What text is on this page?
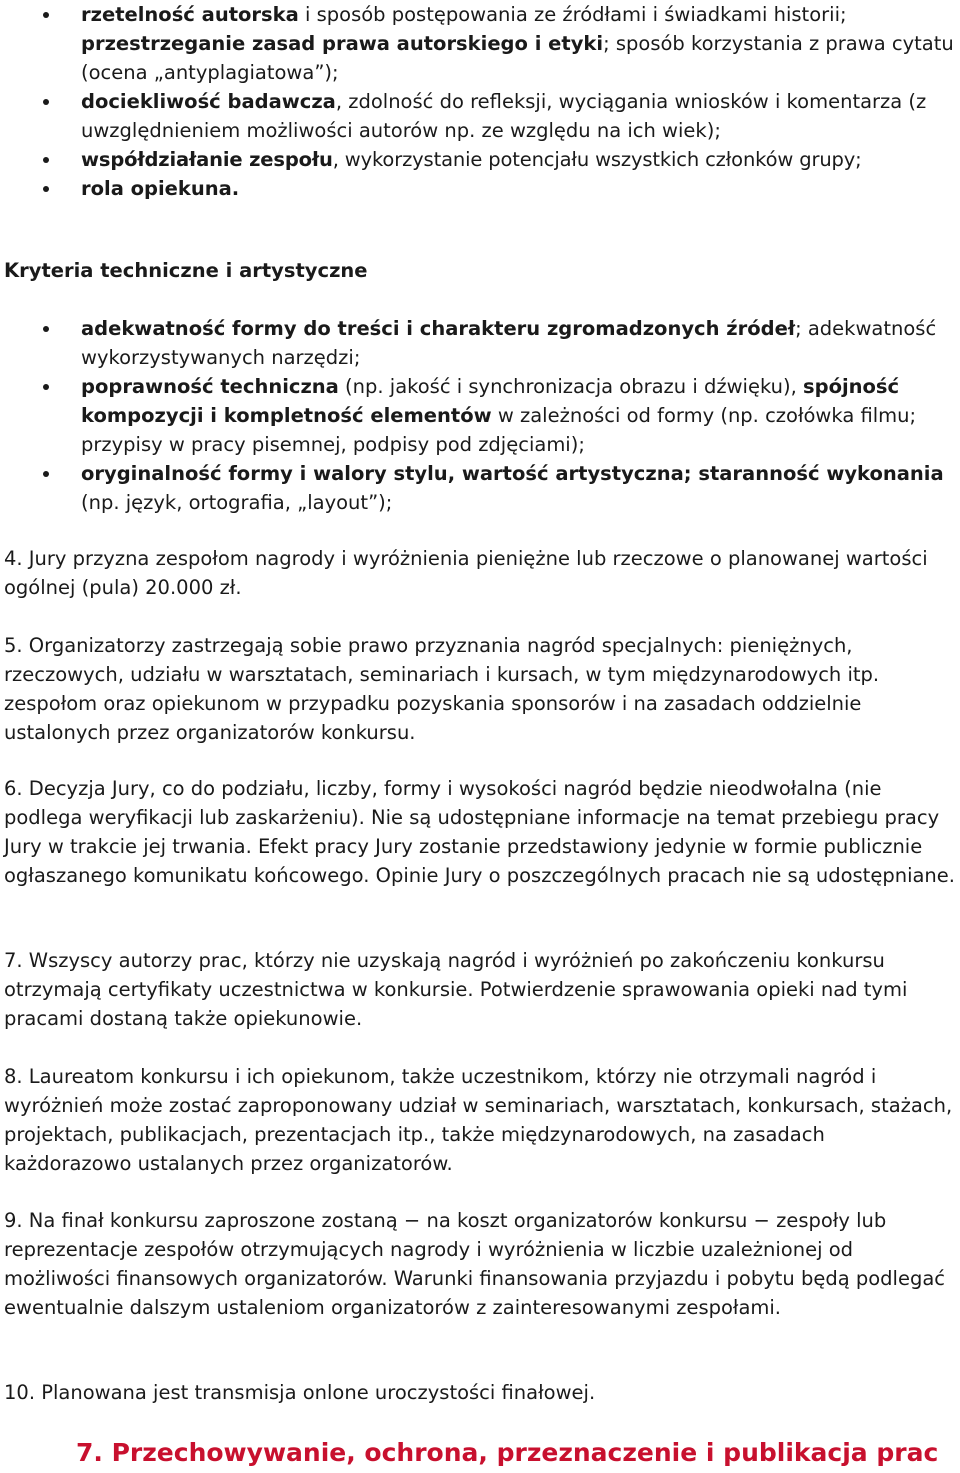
rzetelność autorska i sposób postępowania ze źródłami i świadkami historii; przestrzeganie zasad prawa autorskiego i etyki; sposób korzystania z prawa cytatu (ocena „antyplagiatowa”);
dociekliwość badawcza, zdolność do refleksji, wyciągania wniosków i komentarza (z uwzględnieniem możliwości autorów np. ze względu na ich wiek);
współdziałanie zespołu, wykorzystanie potencjału wszystkich członków grupy;
rola opiekuna.

Kryteria techniczne i artystyczne

adekwatność formy do treści i charakteru zgromadzonych źródeł; adekwatność wykorzystywanych narzędzi;
poprawność techniczna (np. jakość i synchronizacja obrazu i dźwięku), spójność kompozycji i kompletność elementów w zależności od formy (np. czołówka filmu; przypisy w pracy pisemnej, podpisy pod zdjęciami);
oryginalność formy i walory stylu, wartość artystyczna; staranność wykonania (np. język, ortografia, „layout”);

4. Jury przyzna zespołom nagrody i wyróżnienia pieniężne lub rzeczowe o planowanej wartości ogólnej (pula) 20.000 zł.

5. Organizatorzy zastrzegają sobie prawo przyznania nagród specjalnych: pieniężnych, rzeczowych, udziału w warsztatach, seminariach i kursach, w tym międzynarodowych itp. zespołom oraz opiekunom w przypadku pozyskania sponsorów i na zasadach oddzielnie ustalonych przez organizatorów konkursu.

6. Decyzja Jury, co do podziału, liczby, formy i wysokości nagród będzie nieodwołalna (nie podlega weryfikacji lub zaskarżeniu). Nie są udostępniane informacje na temat przebiegu pracy Jury w trakcie jej trwania. Efekt pracy Jury zostanie przedstawiony jedynie w formie publicznie ogłaszanego komunikatu końcowego. Opinie Jury o poszczególnych pracach nie są udostępniane.

7. Wszyscy autorzy prac, którzy nie uzyskają nagród i wyróżnień po zakończeniu konkursu otrzymają certyfikaty uczestnictwa w konkursie. Potwierdzenie sprawowania opieki nad tymi pracami dostaną także opiekunowie.

8. Laureatom konkursu i ich opiekunom, także uczestnikom, którzy nie otrzymali nagród i wyróżnień może zostać zaproponowany udział w seminariach, warsztatach, konkursach, stażach, projektach, publikacjach, prezentacjach itp., także międzynarodowych, na zasadach każdorazowo ustalanych przez organizatorów.

9. Na finał konkursu zaproszone zostaną − na koszt organizatorów konkursu − zespoły lub reprezentacje zespołów otrzymujących nagrody i wyróżnienia w liczbie uzależnionej od możliwości finansowych organizatorów. Warunki finansowania przyjazdu i pobytu będą podlegać ewentualnie dalszym ustaleniom organizatorów z zainteresowanymi zespołami.

10. Planowana jest transmisja onlone uroczystości finałowej.

7. Przechowywanie, ochrona, przeznaczenie i publikacja prac
